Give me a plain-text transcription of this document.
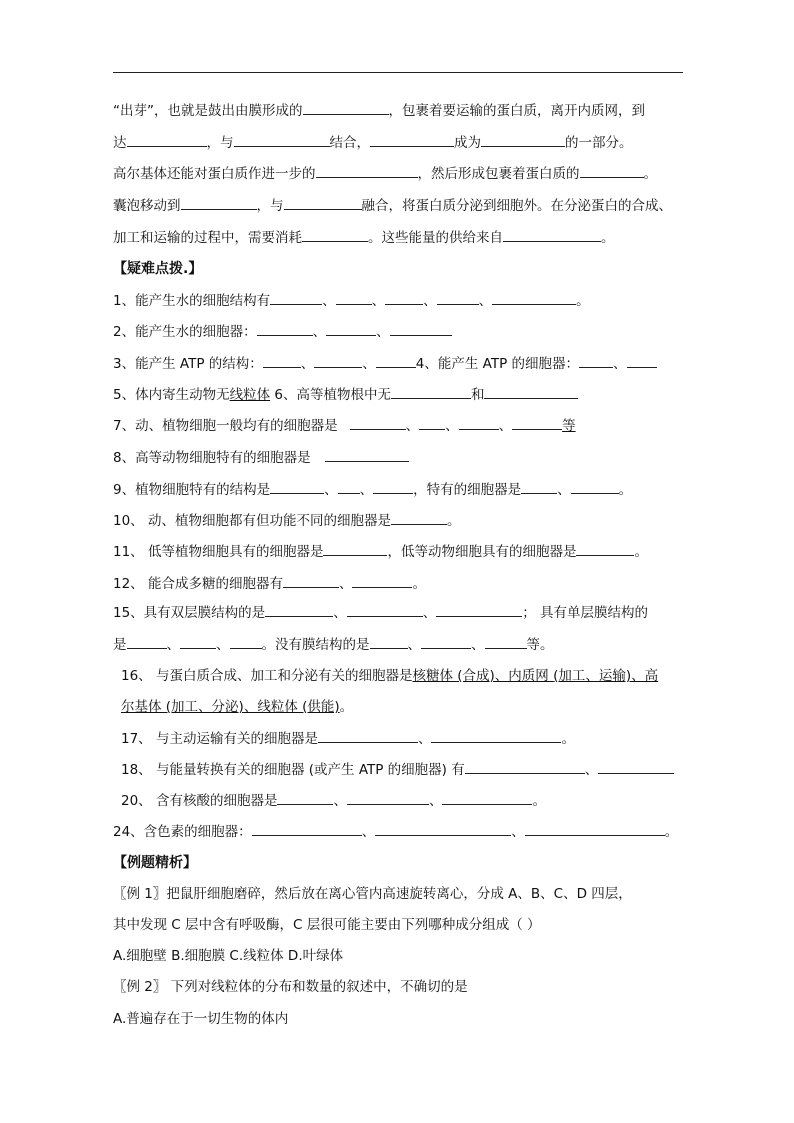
“出芽”，也就是鼓出由膜形成的	，包裹着要运输的蛋白质，离开内质网，到
达	，与	结合，	成为	的一部分。
高尔基体还能对蛋白质作进一步的	，然后形成包裹着蛋白质的	。
囊泡移动到	，与	融合，将蛋白质分泌到细胞外。在分泌蛋白的合成、
加工和运输的过程中，需要消耗	。这些能量的供给来自	。
【疑难点拨.】
1、能产生水的细胞结构有	、	、	、	、	。
2、能产生水的细胞器：	、	、
3、能产生 ATP 的结构：	、	、	4、能产生 ATP 的细胞器：	、
5、体内寄生动物无线粒体 6、高等植物根中无	和
7、动、植物细胞一般均有的细胞器是	、 、	、	等
8、高等动物细胞特有的细胞器是
9、植物细胞特有的结构是	、 、	，特有的细胞器是	、	。
10、 动、植物细胞都有但功能不同的细胞器是	。
11、 低等植物细胞具有的细胞器是	，低等动物细胞具有的细胞器是	。
12、 能合成多糖的细胞器有	、	。
15、具有双层膜结构的是	、	、	； 具有单层膜结构的
是	、	、 。没有膜结构的是	、	、	等。
16、 与蛋白质合成、加工和分泌有关的细胞器是核糖体 (合成)、内质网 (加工、运输)、高
尔基体 (加工、分泌)、线粒体 (供能)。
17、 与主动运输有关的细胞器是	、	。
18、 与能量转换有关的细胞器 (或产生 ATP 的细胞器) 有	、
20、 含有核酸的细胞器是	、	、	。
24、含色素的细胞器：	、	、	。
【例题精析】
〖例 1〗把鼠肝细胞磨碎，然后放在离心管内高速旋转离心，分成 A、B、C、D 四层，
其中发现 C 层中含有呼吸酶，C 层很可能主要由下列哪种成分组成（ ）
A.细胞壁 B.细胞膜 C.线粒体 D.叶绿体
〖例 2〗 下列对线粒体的分布和数量的叙述中，不确切的是
A.普遍存在于一切生物的体内
